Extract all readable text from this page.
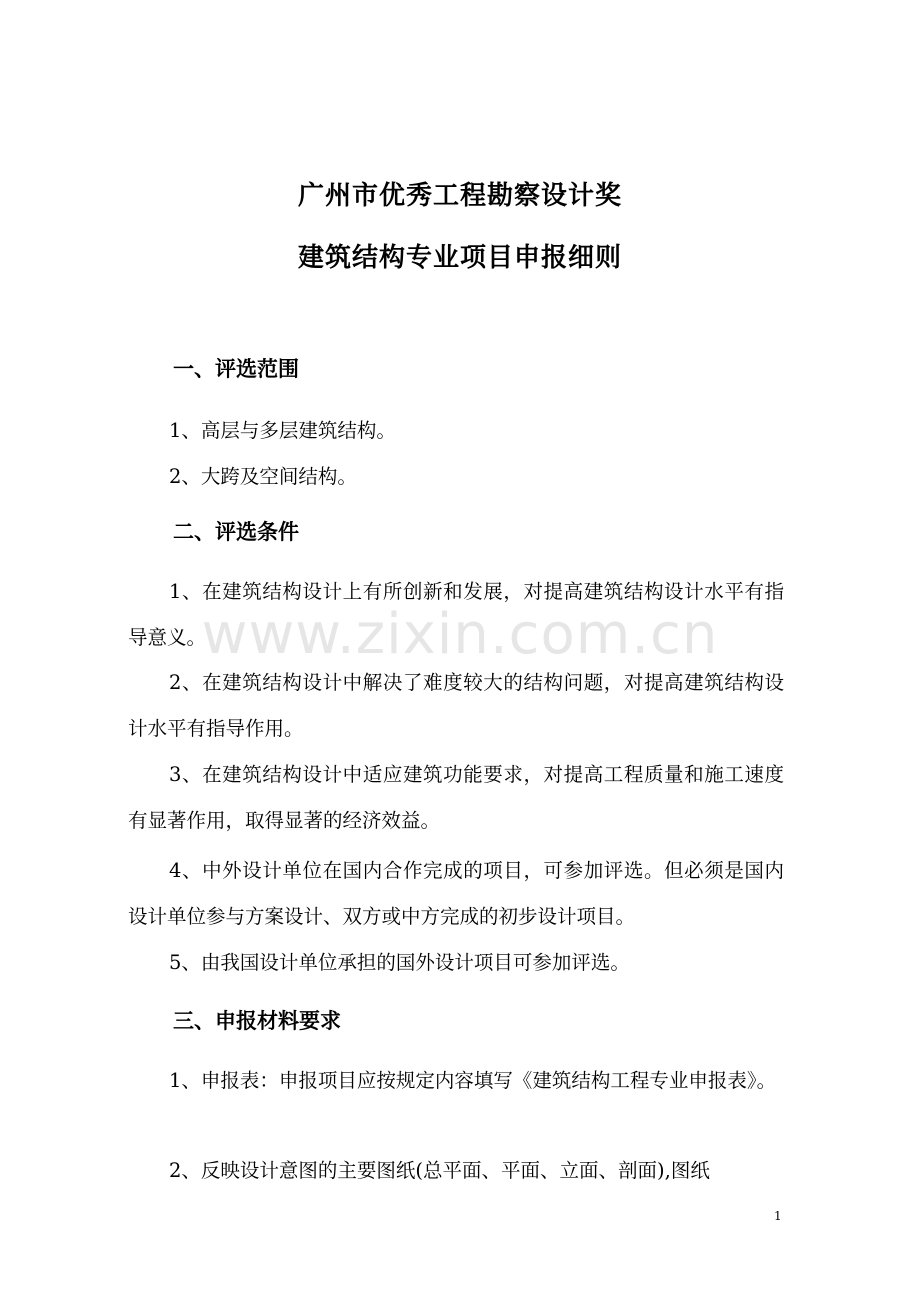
广州市优秀工程勘察设计奖
建筑结构专业项目申报细则
一、评选范围
1、高层与多层建筑结构。
2、大跨及空间结构。
二、评选条件
1、在建筑结构设计上有所创新和发展，对提高建筑结构设计水平有指导意义。
2、在建筑结构设计中解决了难度较大的结构问题，对提高建筑结构设计水平有指导作用。
3、在建筑结构设计中适应建筑功能要求，对提高工程质量和施工速度有显著作用，取得显著的经济效益。
4、中外设计单位在国内合作完成的项目，可参加评选。但必须是国内设计单位参与方案设计、双方或中方完成的初步设计项目。
5、由我国设计单位承担的国外设计项目可参加评选。
三、申报材料要求
1、申报表：申报项目应按规定内容填写《建筑结构工程专业申报表》。
2、反映设计意图的主要图纸(总平面、平面、立面、剖面),图纸
www.zixin.com.cn
1
